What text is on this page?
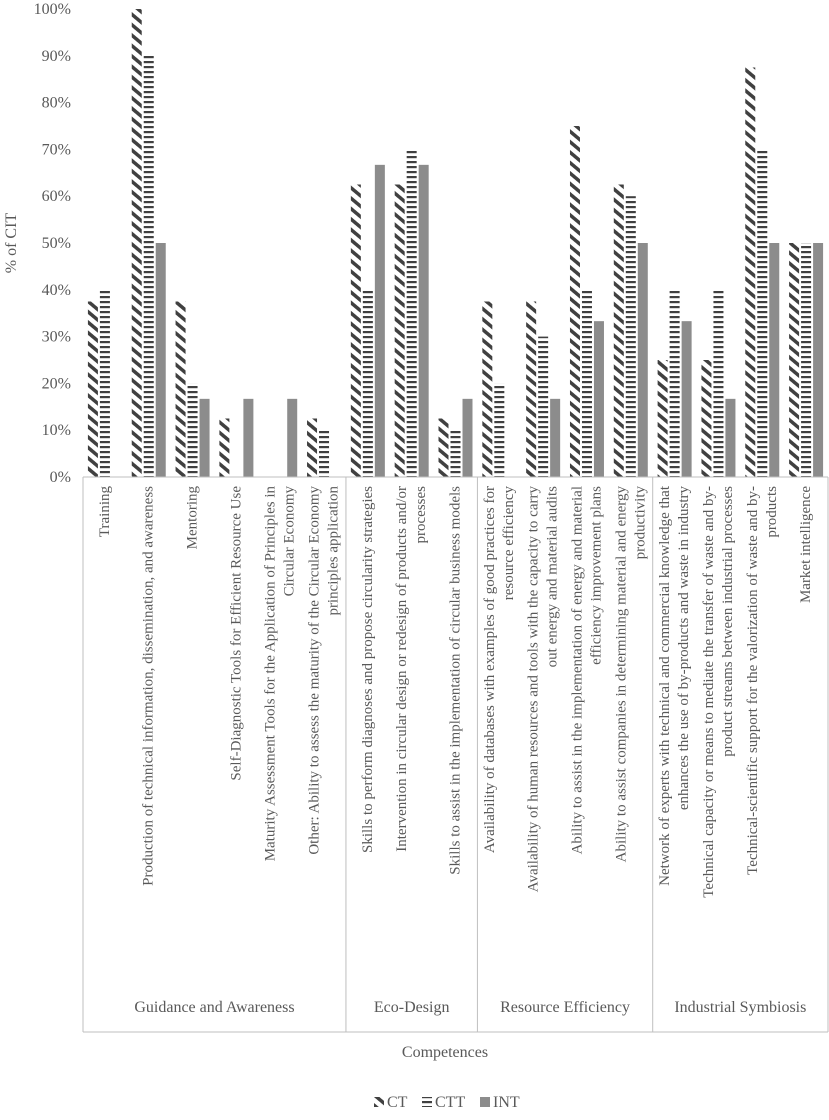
% of CIT
0%
10%
20%
30%
40%
50%
60%
70%
80%
90%
100%
Training Production of technical information, dissemination, and awareness Mentoring Self-Diagnostic Tools for Efficient Resource Use Maturity Assessment Tools for the Application of Principles in Circular Economy Other: Ability to assess the maturity of the Circular Economy principles application Skills to perform diagnoses and propose circularity strategies Intervention in circular design or redesign of products and/or processes Skills to assist in the implementation of circular business models Availability of databases with examples of good practices for resource efficiency Availability of human resources and tools with the capacity to carry out energy and material audits Ability to assist in the implementation of energy and material efficiency improvement plans Ability to assist companies in determining material and energy productivity Network of experts with technical and commercial knowledge that enhances the use of by-products and waste in industry Technical capacity or means to mediate the transfer of waste and by- product streams between industrial processes Technical-scientific support for the valorization of waste and by- products Market intelligence
Guidance and Awareness	Eco-Design	Resource Efficiency	Industrial Symbiosis
Competences
CT CTT INT
